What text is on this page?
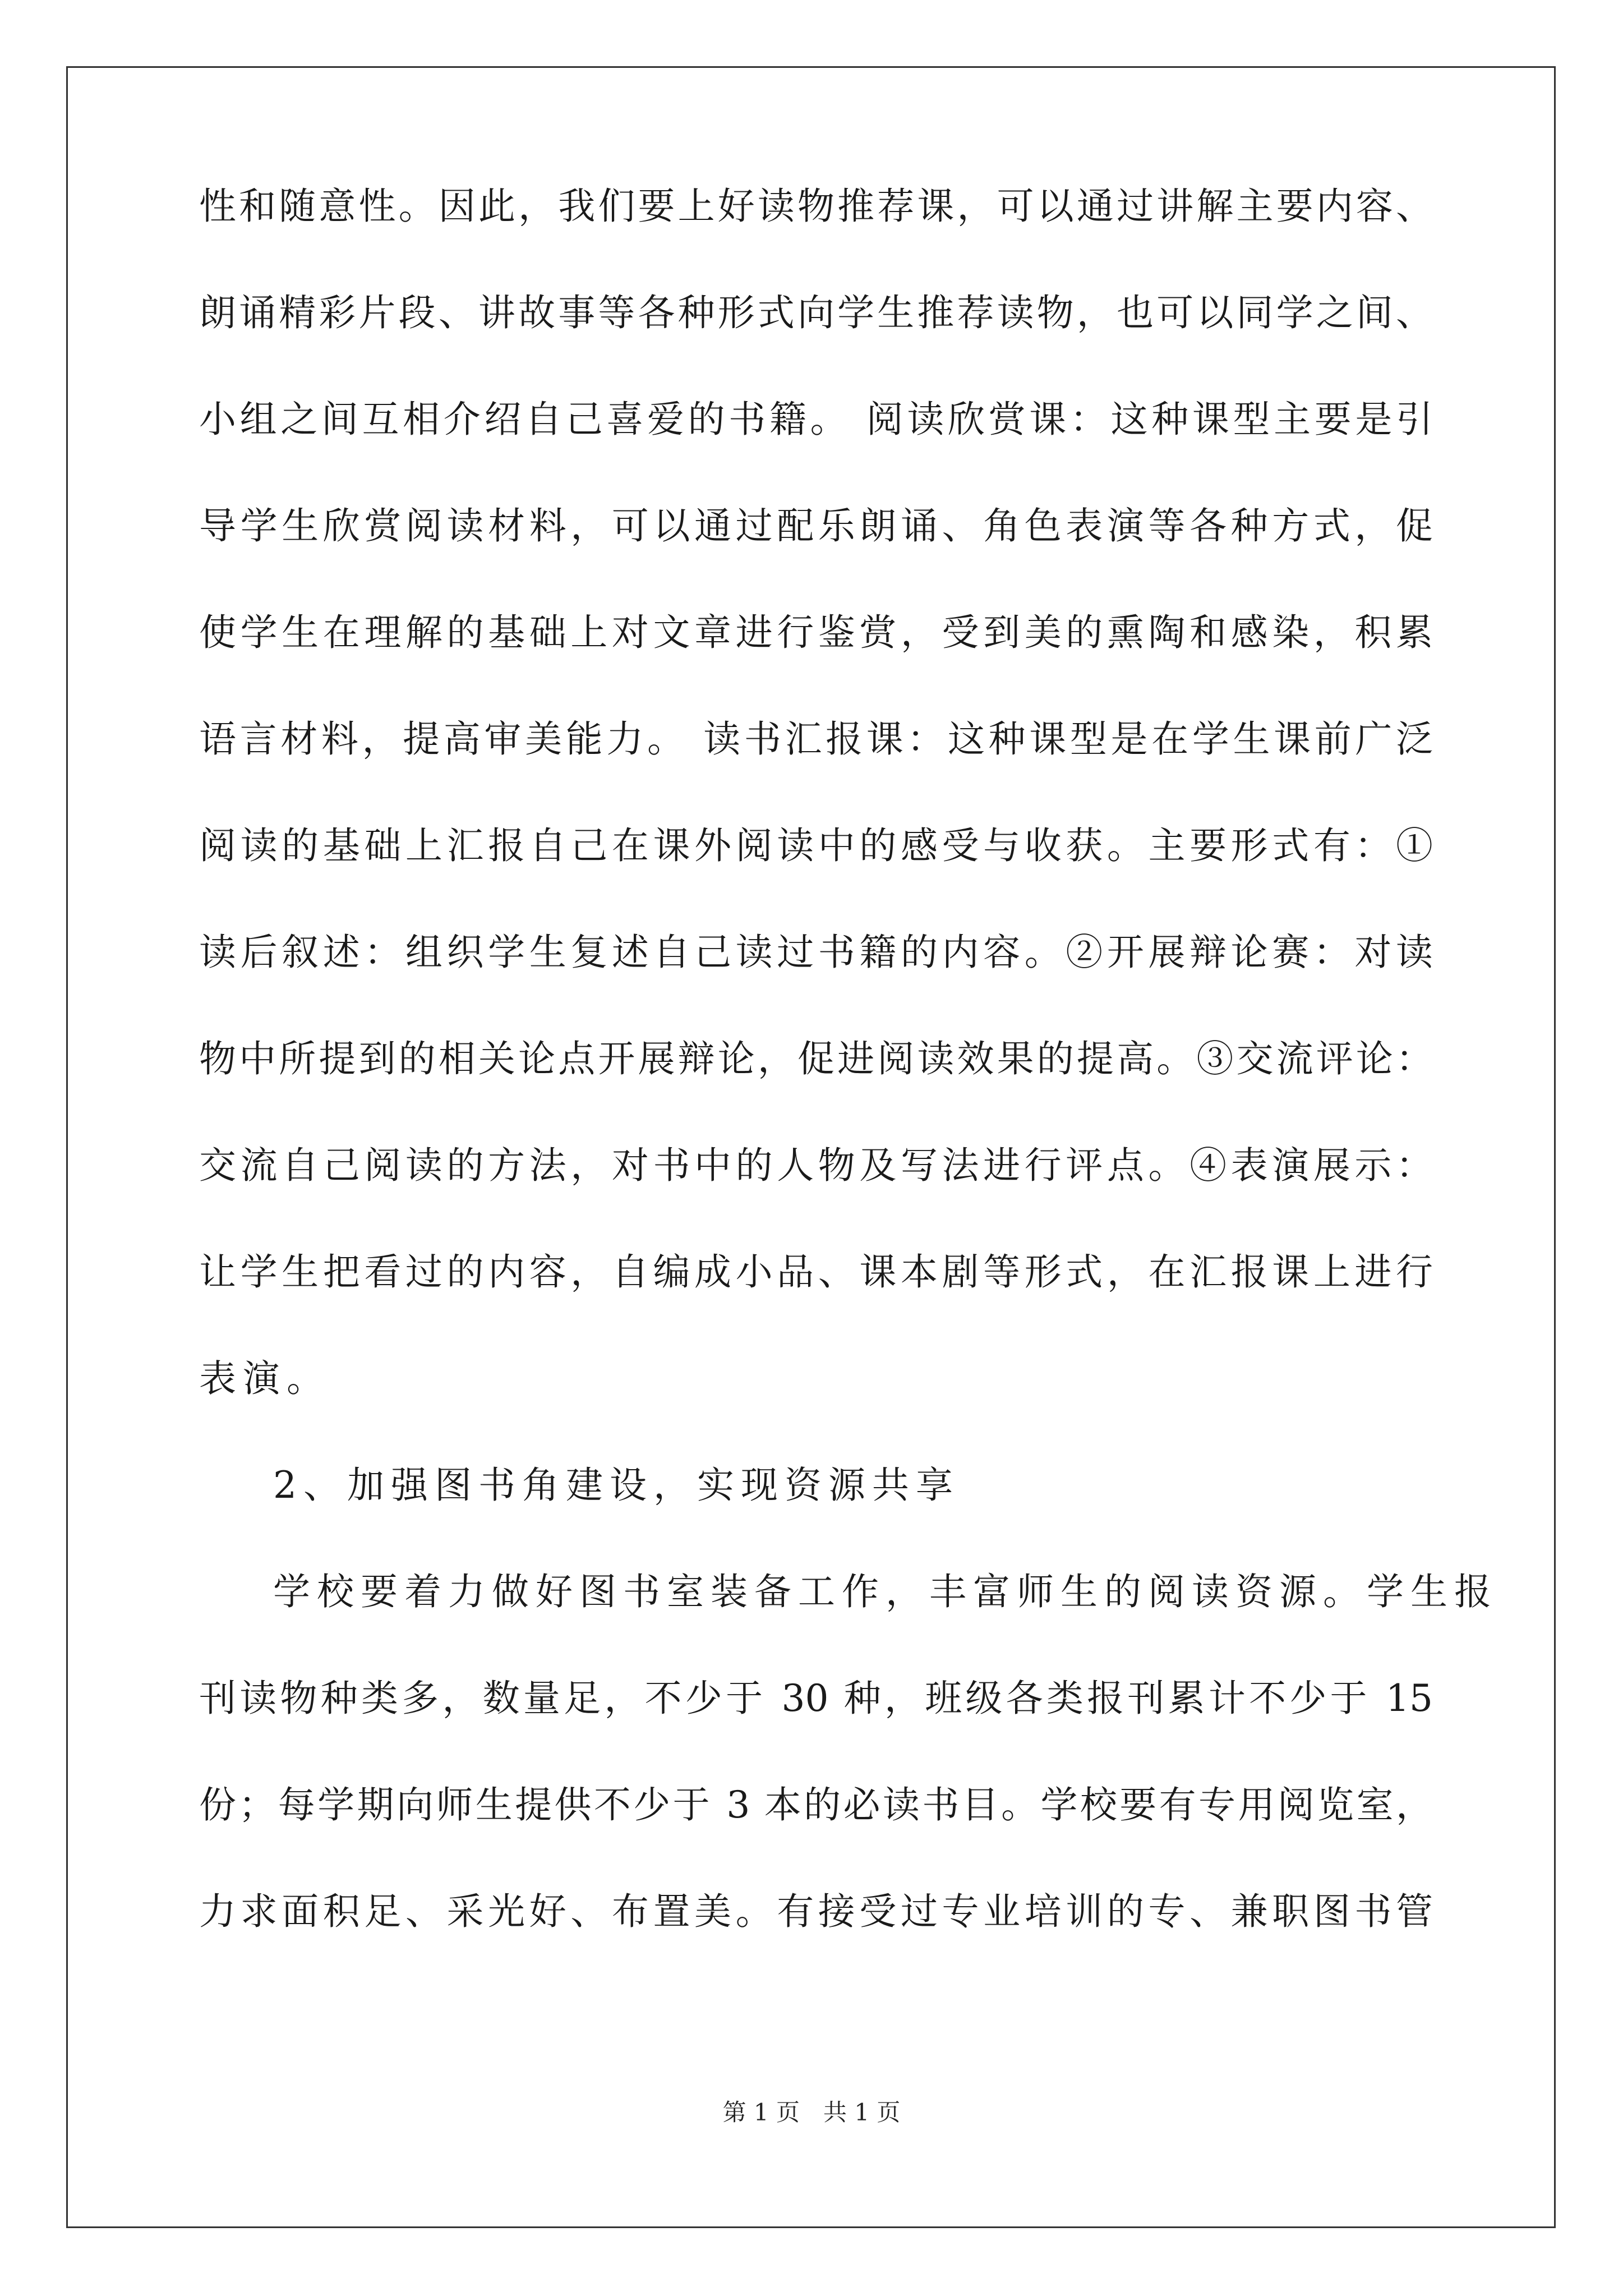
性和随意性。因此，我们要上好读物推荐课，可以通过讲解主要内容、
朗诵精彩片段、讲故事等各种形式向学生推荐读物，也可以同学之间、
小组之间互相介绍自己喜爱的书籍。 阅读欣赏课：这种课型主要是引
导学生欣赏阅读材料，可以通过配乐朗诵、角色表演等各种方式，促
使学生在理解的基础上对文章进行鉴赏，受到美的熏陶和感染，积累
语言材料，提高审美能力。 读书汇报课：这种课型是在学生课前广泛
阅读的基础上汇报自己在课外阅读中的感受与收获。主要形式有：①
读后叙述：组织学生复述自己读过书籍的内容。②开展辩论赛：对读
物中所提到的相关论点开展辩论，促进阅读效果的提高。③交流评论：
交流自己阅读的方法，对书中的人物及写法进行评点。④表演展示：
让学生把看过的内容，自编成小品、课本剧等形式，在汇报课上进行
表演。
2、加强图书角建设，实现资源共享
学校要着力做好图书室装备工作，丰富师生的阅读资源。学生报
刊读物种类多，数量足，不少于 30 种，班级各类报刊累计不少于 15
份；每学期向师生提供不少于 3 本的必读书目。学校要有专用阅览室，
力求面积足、采光好、布置美。有接受过专业培训的专、兼职图书管
第 1 页　共 1 页
